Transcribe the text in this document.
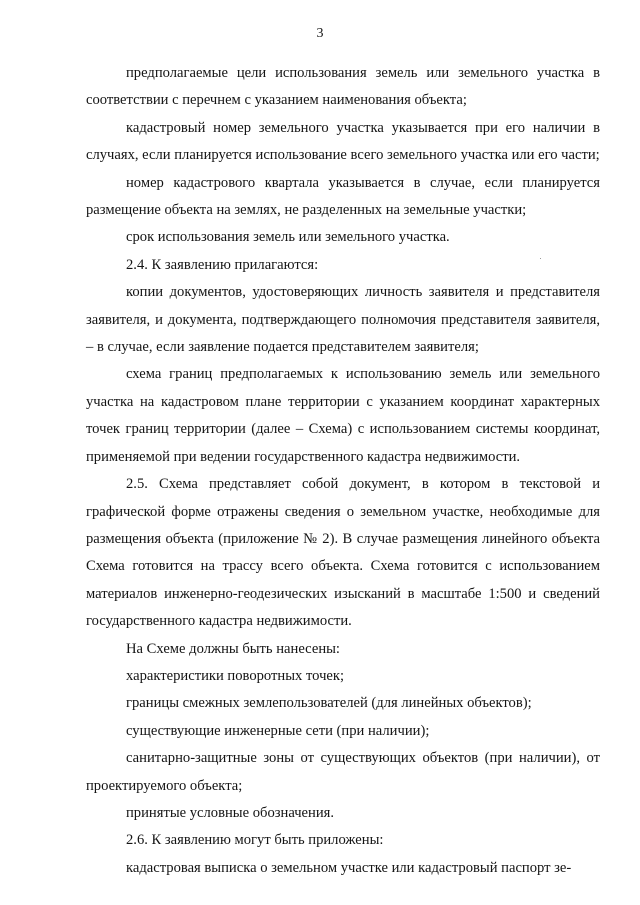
3

предполагаемые цели использования земель или земельного участка в соответствии с перечнем с указанием наименования объекта;

кадастровый номер земельного участка указывается при его наличии в случаях, если планируется использование всего земельного участка или его части;

номер кадастрового квартала указывается в случае, если планируется размещение объекта на землях, не разделенных на земельные участки;

срок использования земель или земельного участка.

2.4. К заявлению прилагаются:

копии документов, удостоверяющих личность заявителя и представителя заявителя, и документа, подтверждающего полномочия представителя заявителя, – в случае, если заявление подается представителем заявителя;

схема границ предполагаемых к использованию земель или земельного участка на кадастровом плане территории с указанием координат характерных точек границ территории (далее – Схема) с использованием системы координат, применяемой при ведении государственного кадастра недвижимости.

2.5. Схема представляет собой документ, в котором в текстовой и графической форме отражены сведения о земельном участке, необходимые для размещения объекта (приложение № 2). В случае размещения линейного объекта Схема готовится на трассу всего объекта. Схема готовится с использованием материалов инженерно-геодезических изысканий в масштабе 1:500 и сведений государственного кадастра недвижимости.

На Схеме должны быть нанесены:

характеристики поворотных точек;

границы смежных землепользователей (для линейных объектов);

существующие инженерные сети (при наличии);

санитарно-защитные зоны от существующих объектов (при наличии), от проектируемого объекта;

принятые условные обозначения.

2.6. К заявлению могут быть приложены:

кадастровая выписка о земельном участке или кадастровый паспорт зе-
